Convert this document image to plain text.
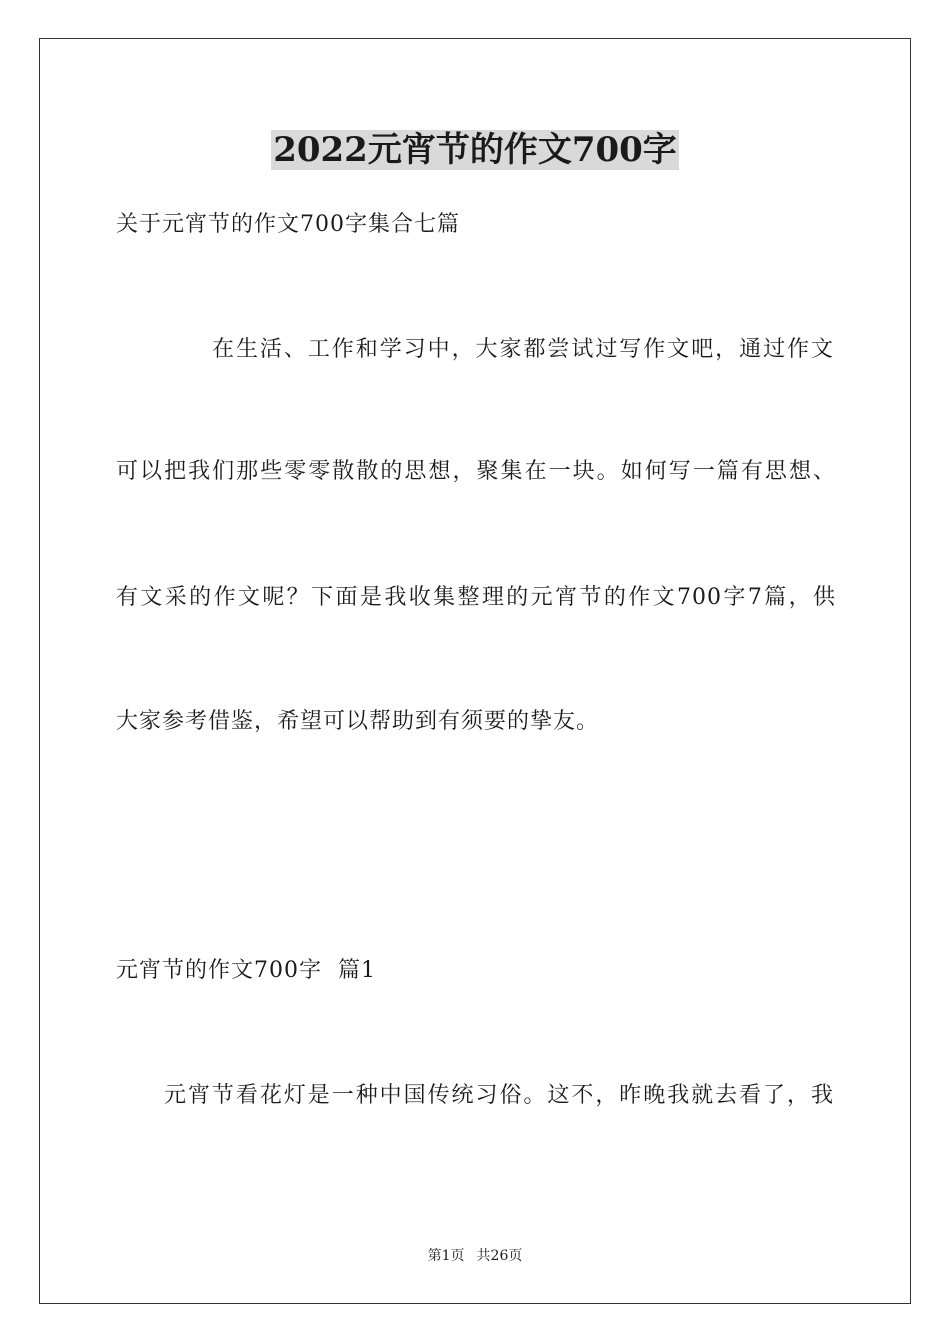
2022元宵节的作文700字
关于元宵节的作文700字集合七篇
在生活、工作和学习中，大家都尝试过写作文吧，通过作文
可以把我们那些零零散散的思想，聚集在一块。如何写一篇有思想、
有文采的作文呢？下面是我收集整理的元宵节的作文700字7篇，供
大家参考借鉴，希望可以帮助到有须要的挚友。
元宵节的作文700字  篇1
元宵节看花灯是一种中国传统习俗。这不，昨晚我就去看了，我
第1页 共26页
